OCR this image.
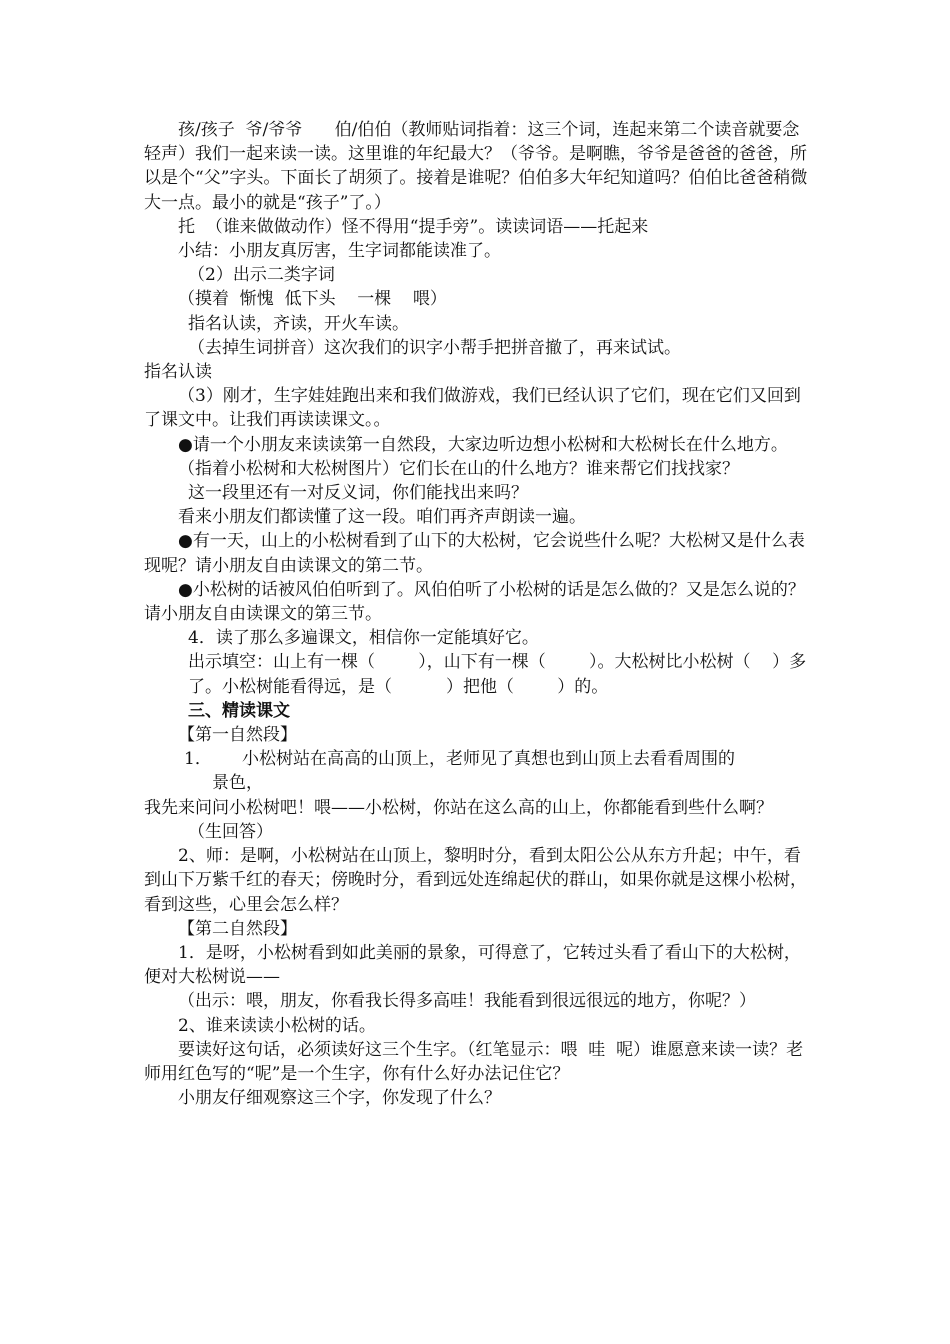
孩/孩子  爷/爷爷      伯/伯伯（教师贴词指着：这三个词，连起来第二个读音就要念轻声）我们一起来读一读。这里谁的年纪最大？（爷爷。是啊瞧，爷爷是爸爸的爸爸，所以是个“父”字头。下面长了胡须了。接着是谁呢？伯伯多大年纪知道吗？伯伯比爸爸稍微大一点。最小的就是“孩子”了。）

托  （谁来做做动作）怪不得用“提手旁”。读读词语——托起来

小结：小朋友真厉害，生字词都能读准了。

（2）出示二类字词

（摸着  惭愧  低下头    一棵    喂）

指名认读，齐读，开火车读。

（去掉生词拼音）这次我们的识字小帮手把拼音撤了，再来试试。

指名认读

（3）刚才，生字娃娃跑出来和我们做游戏，我们已经认识了它们，现在它们又回到了课文中。让我们再读读课文。。

●请一个小朋友来读读第一自然段，大家边听边想小松树和大松树长在什么地方。

（指着小松树和大松树图片）它们长在山的什么地方？谁来帮它们找找家？

这一段里还有一对反义词，你们能找出来吗？

看来小朋友们都读懂了这一段。咱们再齐声朗读一遍。

●有一天，山上的小松树看到了山下的大松树，它会说些什么呢？大松树又是什么表现呢？请小朋友自由读课文的第二节。

●小松树的话被风伯伯听到了。风伯伯听了小松树的话是怎么做的？又是怎么说的？请小朋友自由读课文的第三节。

4．读了那么多遍课文，相信你一定能填好它。

出示填空：山上有一棵（        ），山下有一棵（        ）。大松树比小松树（    ）多了。小松树能看得远，是（          ）把他（        ）的。

三、精读课文

【第一自然段】

1．	小松树站在高高的山顶上，老师见了真想也到山顶上去看看周围的

景色，

我先来问问小松树吧！喂——小松树，你站在这么高的山上，你都能看到些什么啊？

（生回答）

2、师：是啊，小松树站在山顶上，黎明时分，看到太阳公公从东方升起；中午，看到山下万紫千红的春天；傍晚时分，看到远处连绵起伏的群山，如果你就是这棵小松树，看到这些，心里会怎么样？

【第二自然段】

1．是呀，小松树看到如此美丽的景象，可得意了，它转过头看了看山下的大松树，便对大松树说——

（出示：喂，朋友，你看我长得多高哇！我能看到很远很远的地方，你呢？）

2、谁来读读小松树的话。

要读好这句话，必须读好这三个生字。（红笔显示：喂  哇  呢）谁愿意来读一读？老师用红色写的“呢”是一个生字，你有什么好办法记住它？

小朋友仔细观察这三个字，你发现了什么？
